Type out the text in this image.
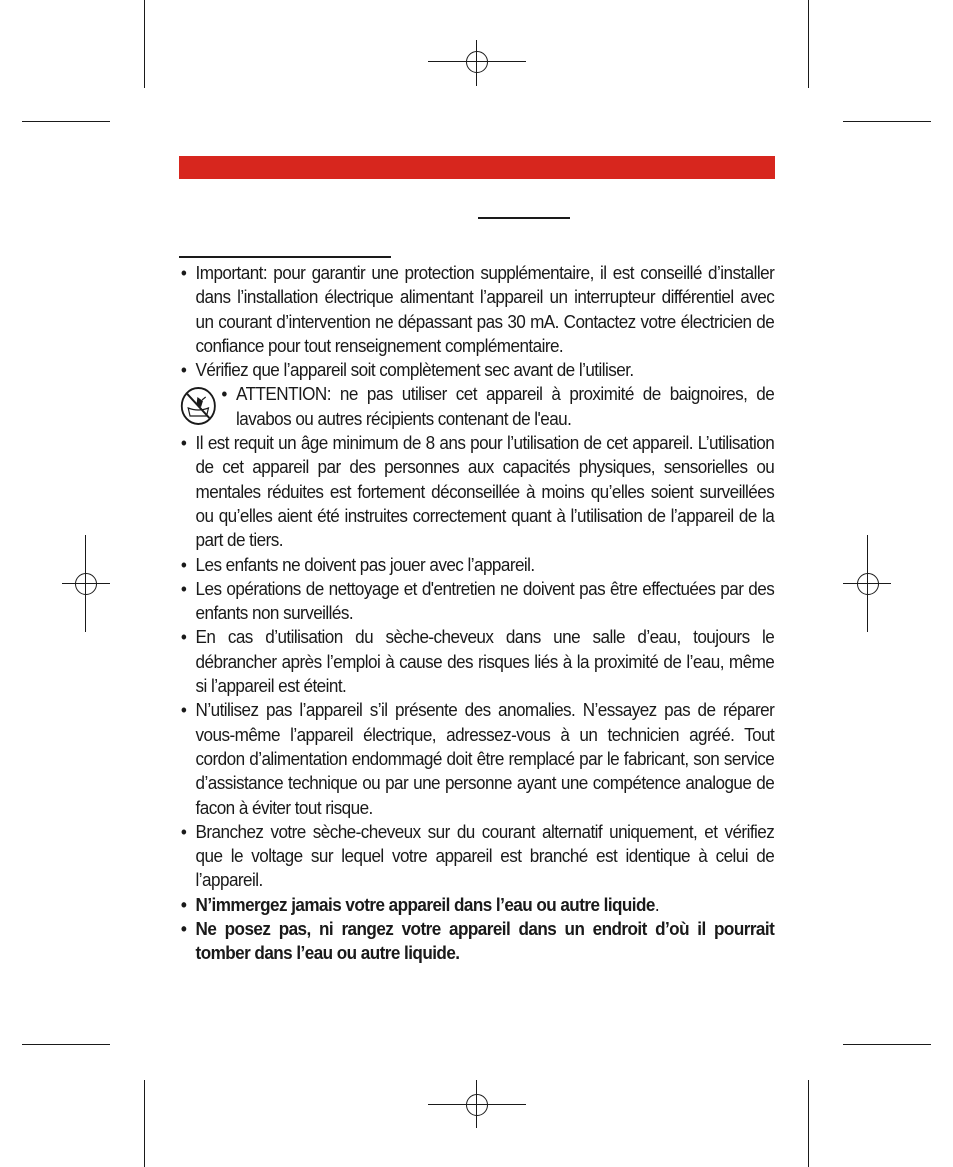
• Important: pour garantir une protection supplémentaire, il est conseillé d’installer dans l’installation électrique alimentant l’appareil un interrupteur différentiel avec un courant d’intervention ne dépassant pas 30 mA. Contactez votre électricien de confiance pour tout renseignement complémentaire.
• Vérifiez que l’appareil soit complètement sec avant de l’utiliser.
• ATTENTION: ne pas utiliser cet appareil à proximité de baignoires, de lavabos ou autres récipients contenant de l'eau.
• Il est requit un âge minimum de 8 ans pour l’utilisation de cet appareil. L’utilisation de cet appareil par des personnes aux capacités physiques, sensorielles ou mentales réduites est fortement déconseillée à moins qu’elles soient surveillées ou qu’elles aient été instruites correctement quant à l’utilisation de l’appareil de la part de tiers.
• Les enfants ne doivent pas jouer avec l’appareil.
• Les opérations de nettoyage et d'entretien ne doivent pas être effectuées par des enfants non surveillés.
• En cas d’utilisation du sèche-cheveux dans une salle d’eau, toujours le débrancher après l’emploi à cause des risques liés à la proximité de l’eau, même si l’appareil est éteint.
• N’utilisez pas l’appareil s’il présente des anomalies. N’essayez pas de réparer vous-même l’appareil électrique, adressez-vous à un technicien agréé. Tout cordon d’alimentation endommagé doit être remplacé par le fabricant, son service d’assistance technique ou par une personne ayant une compétence analogue de facon à éviter tout risque.
• Branchez votre sèche-cheveux sur du courant alternatif uniquement, et vérifiez que le voltage sur lequel votre appareil est branché est identique à celui de l’appareil.
• N’immergez jamais votre appareil dans l’eau ou autre liquide.
• Ne posez pas, ni rangez votre appareil dans un endroit d’où il pourrait tomber dans l’eau ou autre liquide.
